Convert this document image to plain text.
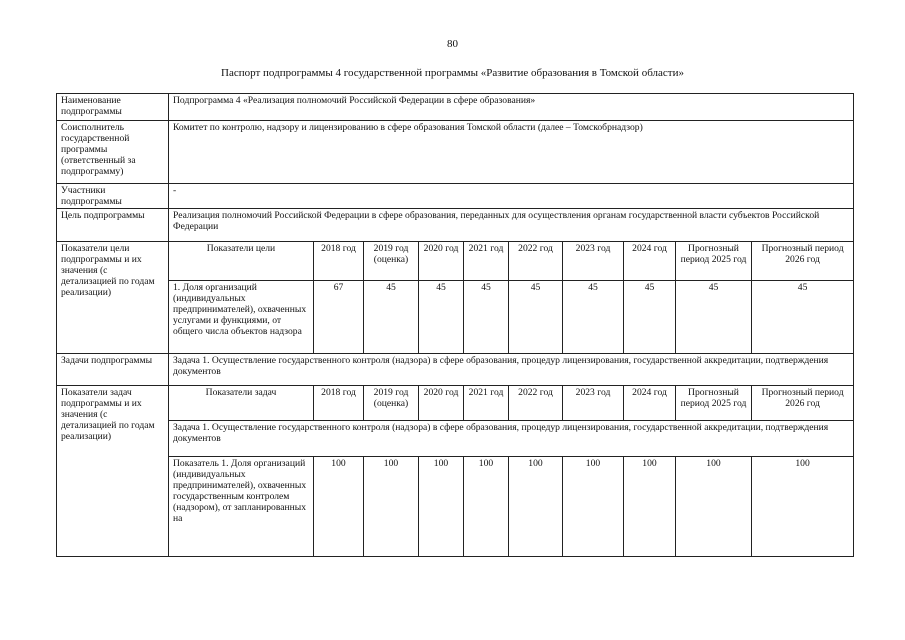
80
Паспорт подпрограммы 4 государственной программы «Развитие образования в Томской области»
Наименование подпрограммы	Подпрограмма 4 «Реализация полномочий Российской Федерации в сфере образования»									
Соисполнитель государственной программы (ответственный за подпрограмму)	Комитет по контролю, надзору и лицензированию в сфере образования Томской области (далее – Томскобрнадзор)									
Участники подпрограммы	-									
Цель подпрограммы	Реализация полномочий Российской Федерации в сфере образования, переданных для осуществления органам государственной власти субъектов Российской Федерации									
Показатели цели подпрограммы и их значения (с детализацией по годам реализации)	Показатели цели	2018 год	2019 год (оценка)	2020 год	2021 год	2022 год	2023 год	2024 год	Прогнозный период 2025 год	Прогнозный период 2026 год
	1. Доля организаций (индивидуальных предпринимателей), охваченных услугами и функциями, от общего числа объектов надзора	67	45	45	45	45	45	45	45	45
Задачи подпрограммы	Задача 1. Осуществление государственного контроля (надзора) в сфере образования, процедур лицензирования, государственной аккредитации, подтверждения документов									
Показатели задач подпрограммы и их значения (с детализацией по годам реализации)	Показатели задач	2018 год	2019 год (оценка)	2020 год	2021 год	2022 год	2023 год	2024 год	Прогнозный период 2025 год	Прогнозный период 2026 год
	Задача 1. Осуществление государственного контроля (надзора) в сфере образования, процедур лицензирования, государственной аккредитации, подтверждения документов									
	Показатель 1. Доля организаций (индивидуальных предпринимателей), охваченных государственным контролем (надзором), от запланированных на	100	100	100	100	100	100	100	100	100
